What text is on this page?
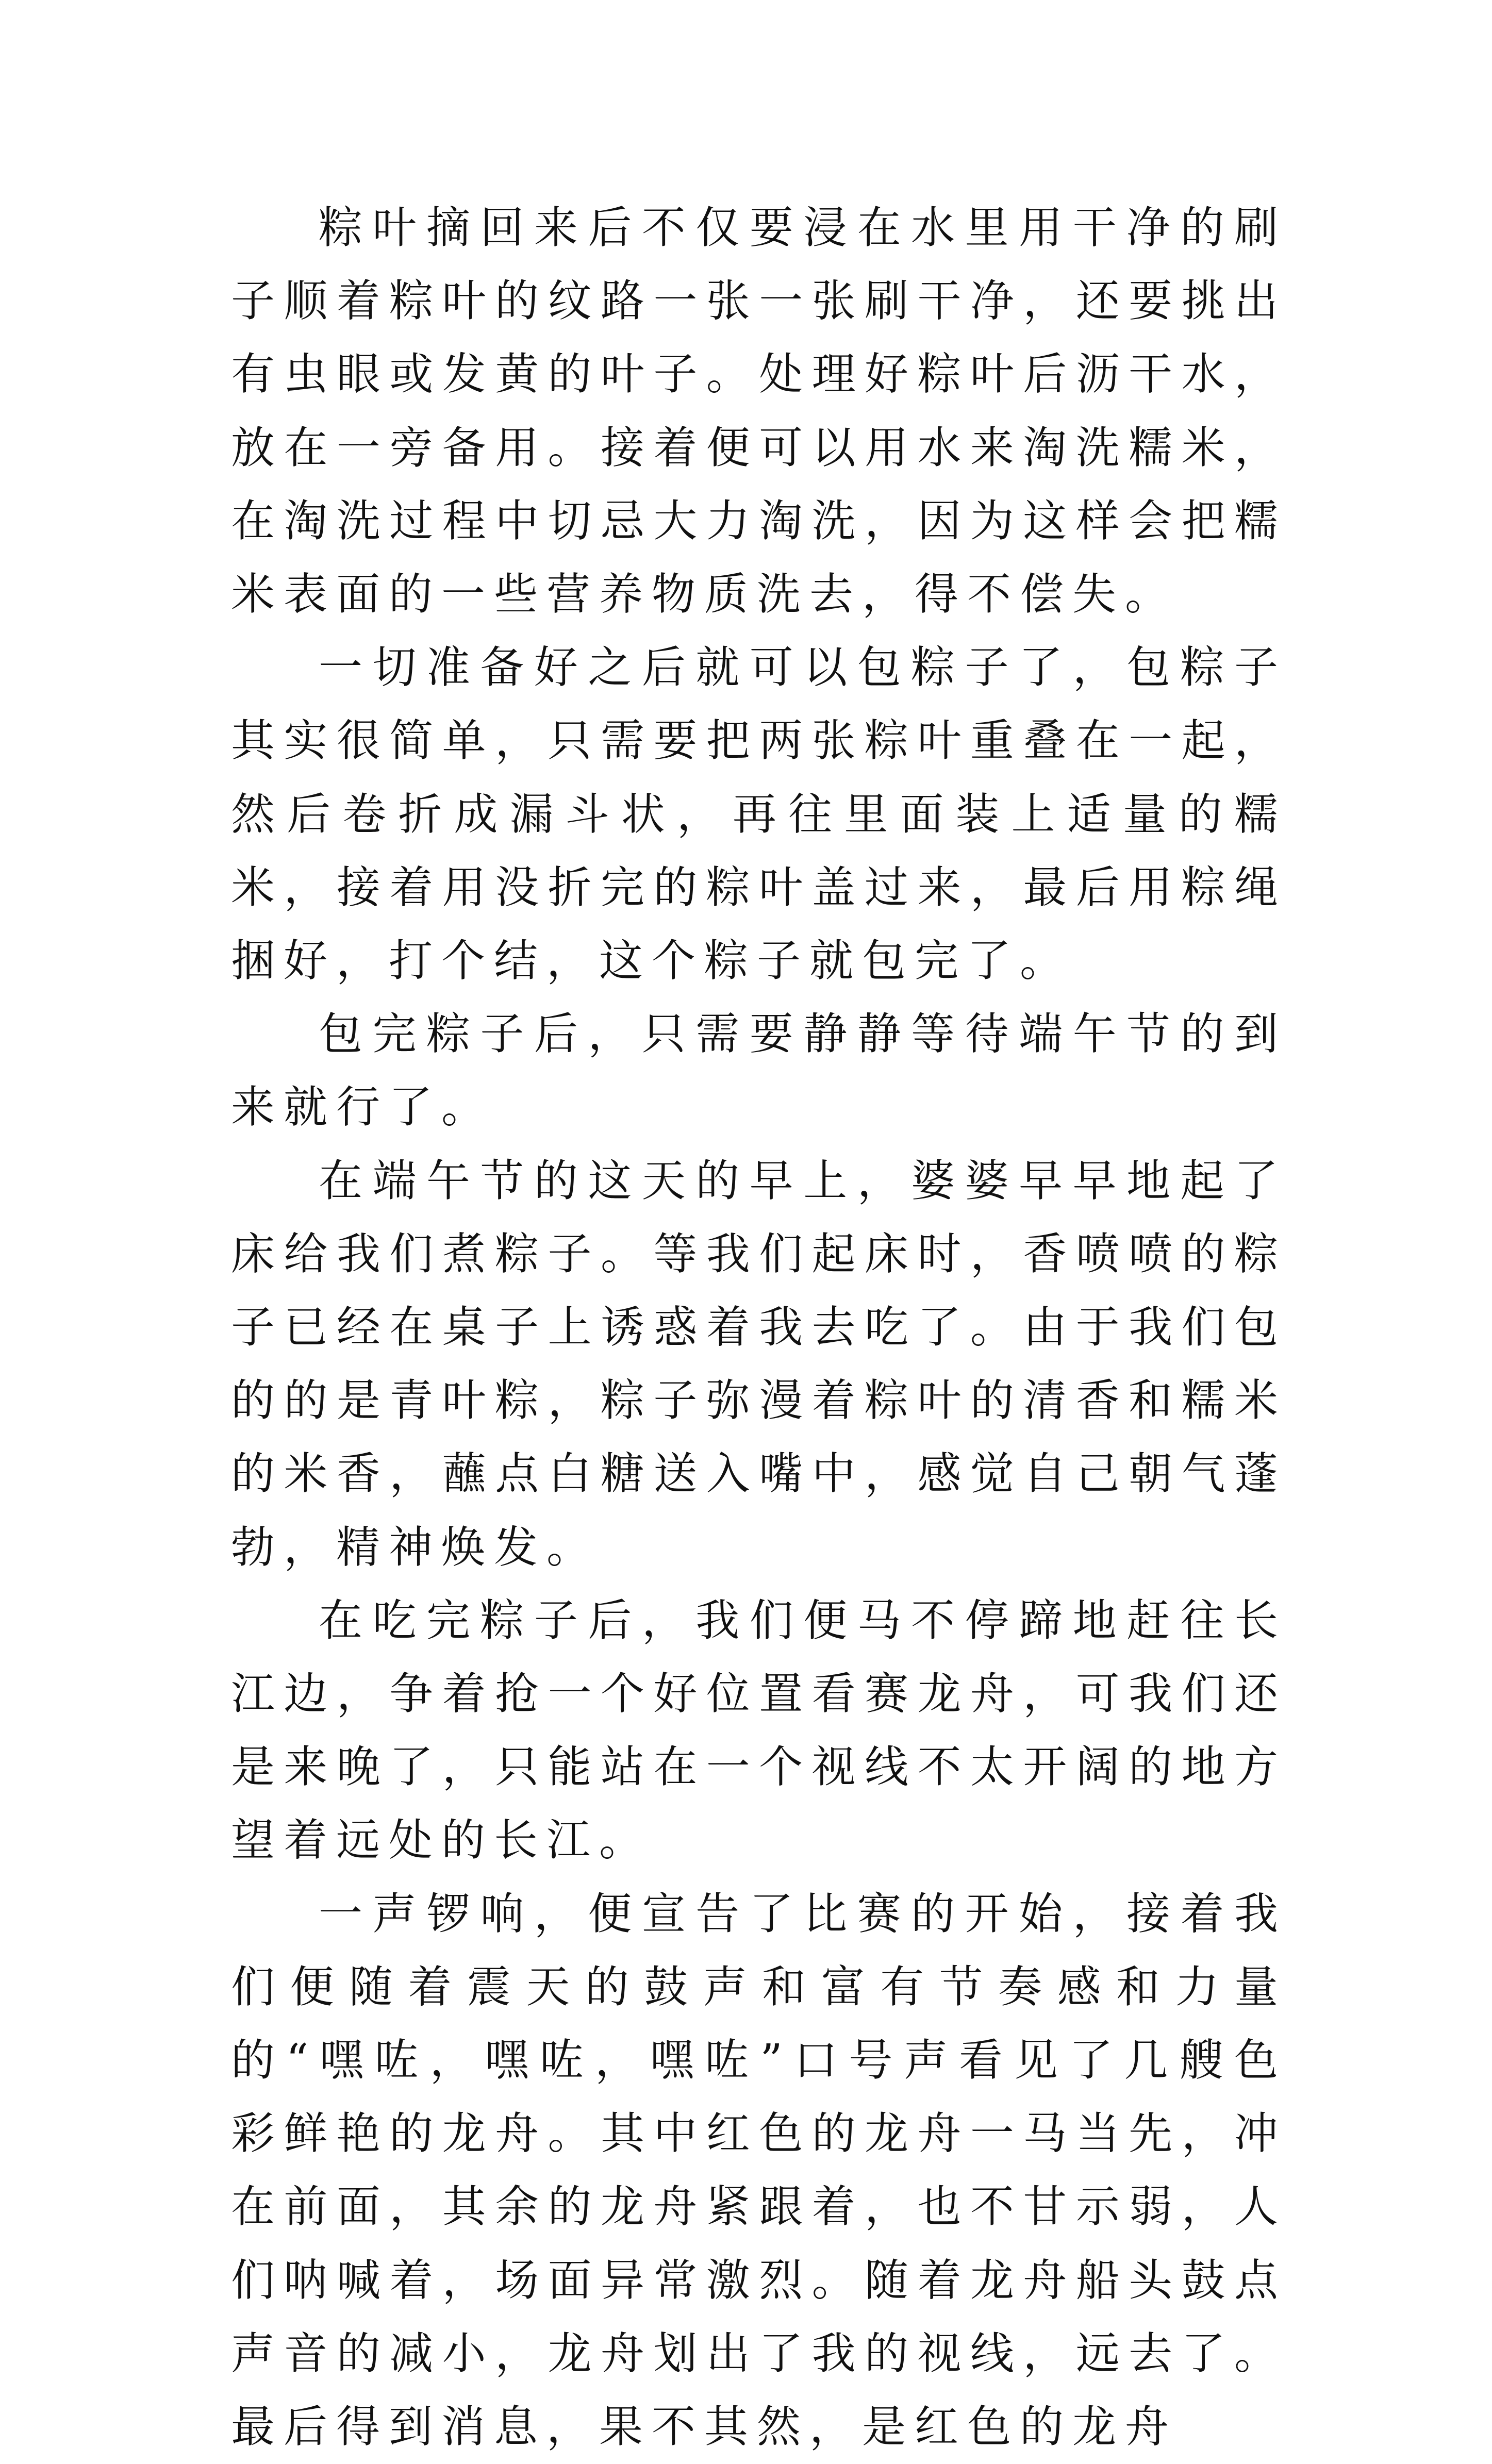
粽叶摘回来后不仅要浸在水里用干净的刷子顺着粽叶的纹路一张一张刷干净，还要挑出有虫眼或发黄的叶子。处理好粽叶后沥干水，放在一旁备用。接着便可以用水来淘洗糯米，在淘洗过程中切忌大力淘洗，因为这样会把糯米表面的一些营养物质洗去，得不偿失。

一切准备好之后就可以包粽子了，包粽子其实很简单，只需要把两张粽叶重叠在一起，然后卷折成漏斗状，再往里面装上适量的糯米，接着用没折完的粽叶盖过来，最后用粽绳捆好，打个结，这个粽子就包完了。

包完粽子后，只需要静静等待端午节的到来就行了。

在端午节的这天的早上，婆婆早早地起了床给我们煮粽子。等我们起床时，香喷喷的粽子已经在桌子上诱惑着我去吃了。由于我们包的的是青叶粽，粽子弥漫着粽叶的清香和糯米的米香，蘸点白糖送入嘴中，感觉自己朝气蓬勃，精神焕发。

在吃完粽子后，我们便马不停蹄地赶往长江边，争着抢一个好位置看赛龙舟，可我们还是来晚了，只能站在一个视线不太开阔的地方望着远处的长江。

一声锣响，便宣告了比赛的开始，接着我们便随着震天的鼓声和富有节奏感和力量的“嘿咗，嘿咗，嘿咗”口号声看见了几艘色彩鲜艳的龙舟。其中红色的龙舟一马当先，冲在前面，其余的龙舟紧跟着，也不甘示弱，人们呐喊着，场面异常激烈。随着龙舟船头鼓点声音的减小，龙舟划出了我的视线，远去了。最后得到消息，果不其然，是红色的龙舟
